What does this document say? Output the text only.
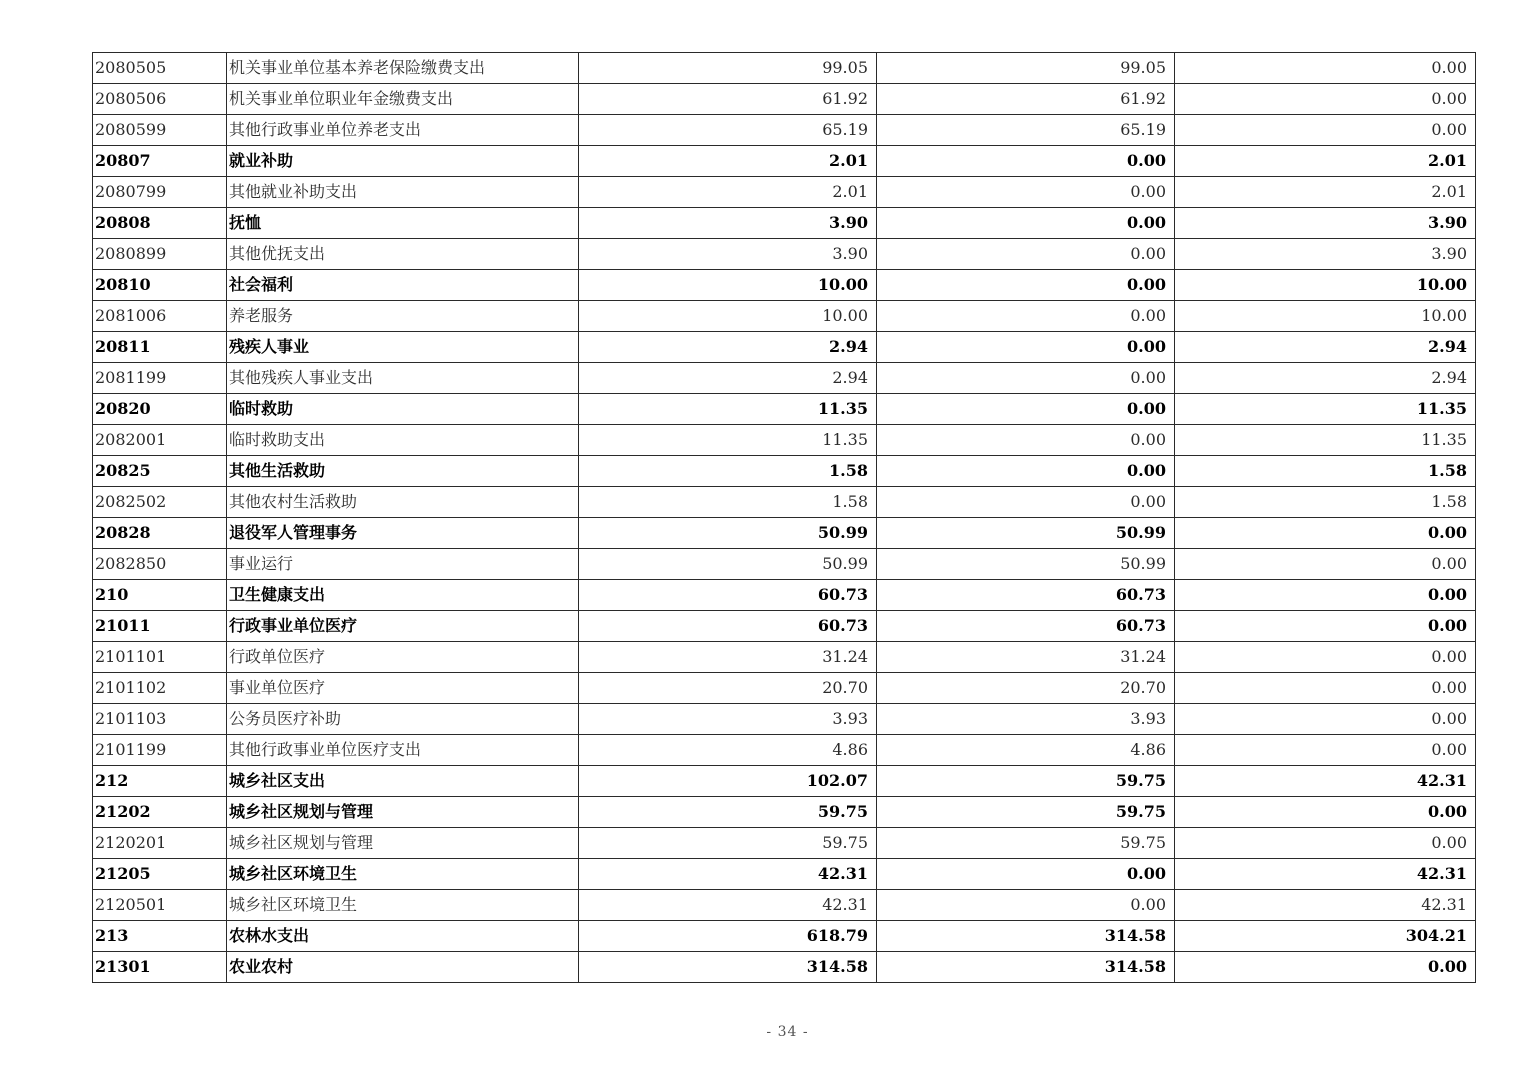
2080505	机关事业单位基本养老保险缴费支出	99.05	99.05	0.00
2080506	机关事业单位职业年金缴费支出	61.92	61.92	0.00
2080599	其他行政事业单位养老支出	65.19	65.19	0.00
20807	就业补助	2.01	0.00	2.01
2080799	其他就业补助支出	2.01	0.00	2.01
20808	抚恤	3.90	0.00	3.90
2080899	其他优抚支出	3.90	0.00	3.90
20810	社会福利	10.00	0.00	10.00
2081006	养老服务	10.00	0.00	10.00
20811	残疾人事业	2.94	0.00	2.94
2081199	其他残疾人事业支出	2.94	0.00	2.94
20820	临时救助	11.35	0.00	11.35
2082001	临时救助支出	11.35	0.00	11.35
20825	其他生活救助	1.58	0.00	1.58
2082502	其他农村生活救助	1.58	0.00	1.58
20828	退役军人管理事务	50.99	50.99	0.00
2082850	事业运行	50.99	50.99	0.00
210	卫生健康支出	60.73	60.73	0.00
21011	行政事业单位医疗	60.73	60.73	0.00
2101101	行政单位医疗	31.24	31.24	0.00
2101102	事业单位医疗	20.70	20.70	0.00
2101103	公务员医疗补助	3.93	3.93	0.00
2101199	其他行政事业单位医疗支出	4.86	4.86	0.00
212	城乡社区支出	102.07	59.75	42.31
21202	城乡社区规划与管理	59.75	59.75	0.00
2120201	城乡社区规划与管理	59.75	59.75	0.00
21205	城乡社区环境卫生	42.31	0.00	42.31
2120501	城乡社区环境卫生	42.31	0.00	42.31
213	农林水支出	618.79	314.58	304.21
21301	农业农村	314.58	314.58	0.00
- 34 -
